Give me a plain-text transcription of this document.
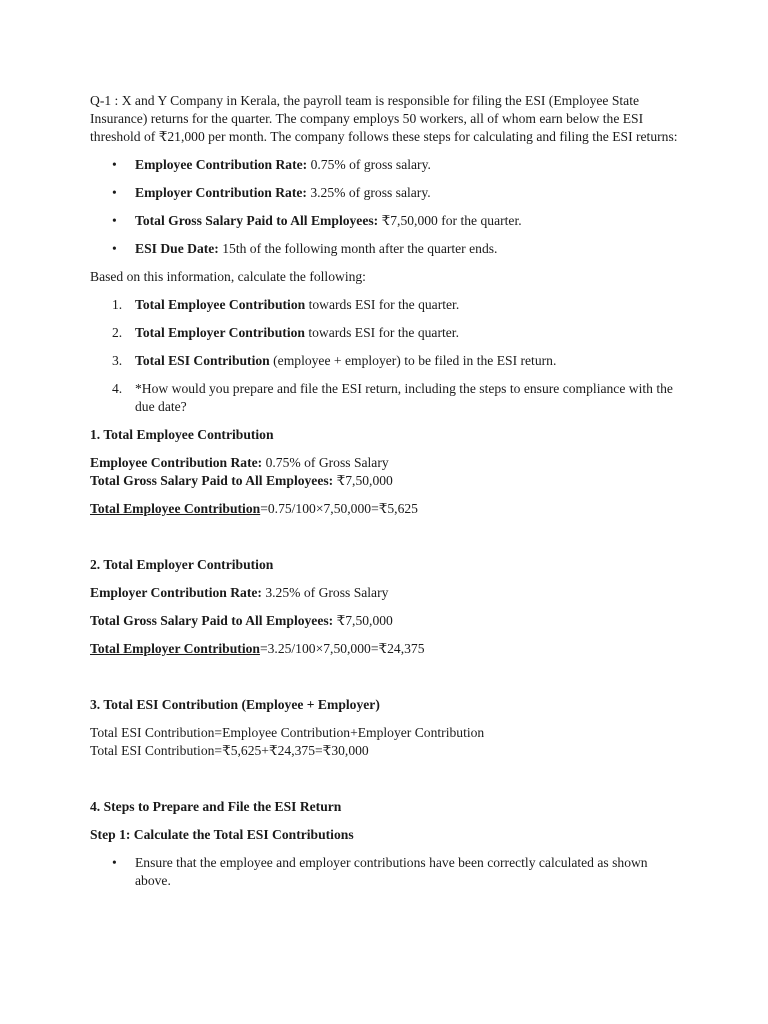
Q-1 : X and Y Company in Kerala, the payroll team is responsible for filing the ESI (Employee State Insurance) returns for the quarter. The company employs 50 workers, all of whom earn below the ESI threshold of ₹21,000 per month. The company follows these steps for calculating and filing the ESI returns:

•	Employee Contribution Rate: 0.75% of gross salary.
•	Employer Contribution Rate: 3.25% of gross salary.
•	Total Gross Salary Paid to All Employees: ₹7,50,000 for the quarter.
•	ESI Due Date: 15th of the following month after the quarter ends.

Based on this information, calculate the following:

1. Total Employee Contribution towards ESI for the quarter.
2. Total Employer Contribution towards ESI for the quarter.
3. Total ESI Contribution (employee + employer) to be filed in the ESI return.
4. *How would you prepare and file the ESI return, including the steps to ensure compliance with the due date?

1. Total Employee Contribution

Employee Contribution Rate: 0.75% of Gross Salary

Total Gross Salary Paid to All Employees: ₹7,50,000

Total Employee Contribution=0.75/100×7,50,000=₹5,625

2. Total Employer Contribution

Employer Contribution Rate: 3.25% of Gross Salary

Total Gross Salary Paid to All Employees: ₹7,50,000

Total Employer Contribution=3.25/100×7,50,000=₹24,375

3. Total ESI Contribution (Employee + Employer)

Total ESI Contribution=Employee Contribution+Employer Contribution

Total ESI Contribution=₹5,625+₹24,375=₹30,000

4. Steps to Prepare and File the ESI Return

Step 1: Calculate the Total ESI Contributions

•	Ensure that the employee and employer contributions have been correctly calculated as shown above.
